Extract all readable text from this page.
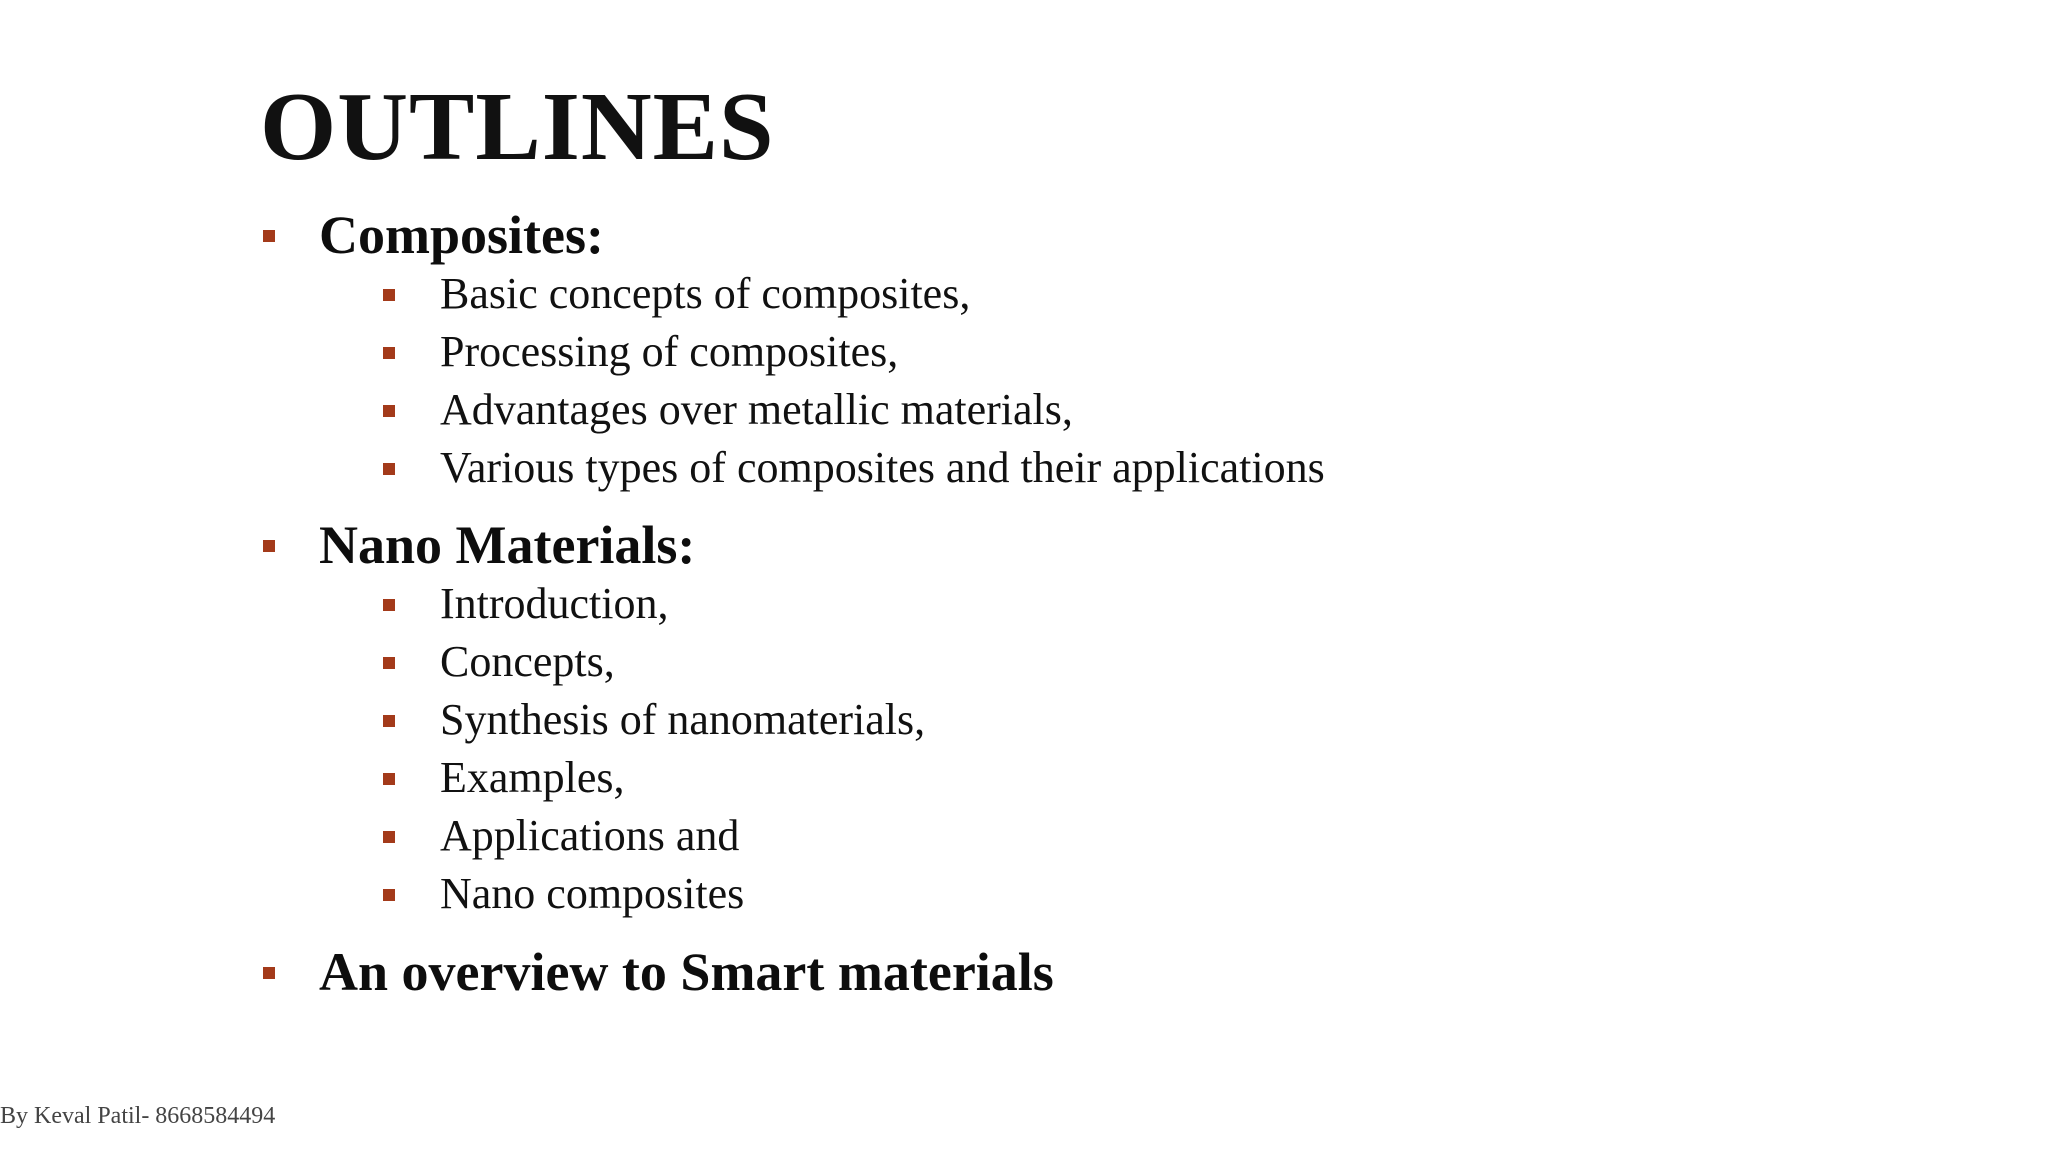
OUTLINES
Composites:
Basic concepts of composites,
Processing of composites,
Advantages over metallic materials,
Various types of composites and their applications
Nano Materials:
Introduction,
Concepts,
Synthesis of nanomaterials,
Examples,
Applications and
Nano composites
An overview to Smart materials
By Keval Patil- 8668584494
